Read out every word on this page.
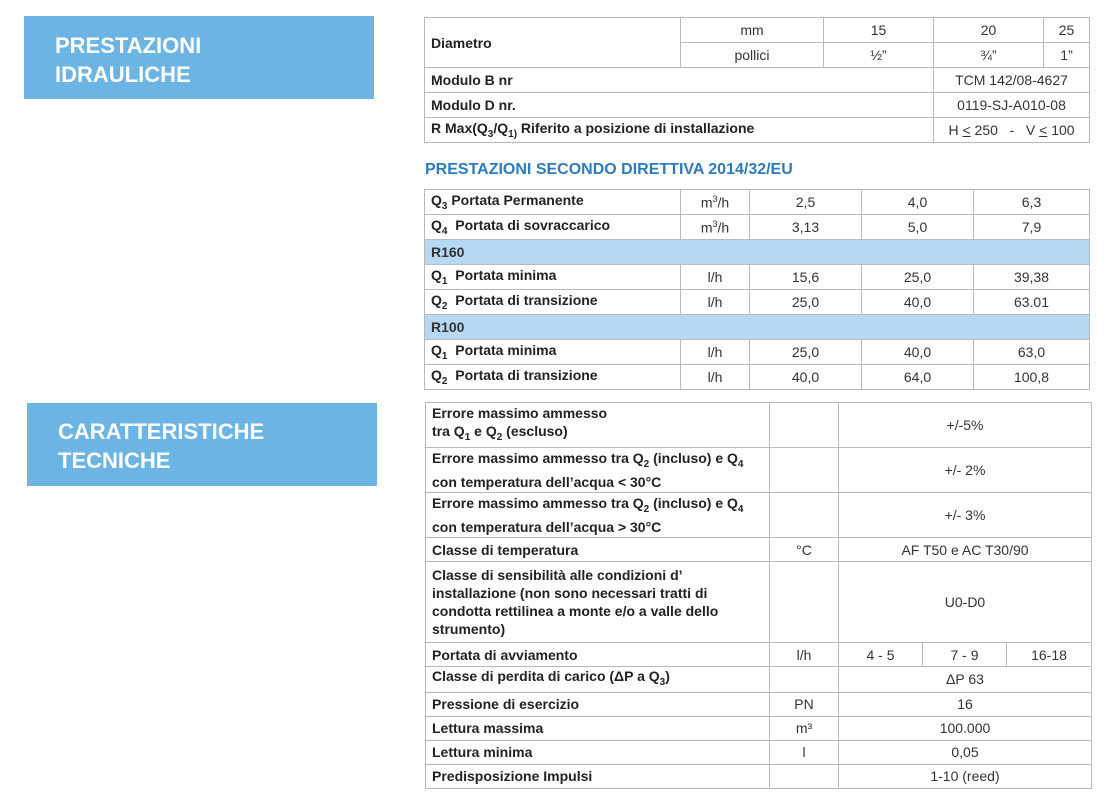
PRESTAZIONI
IDRAULICHE
CARATTERISTICHE
TECNICHE
Diametro	mm	15	20	25
	pollici	½”	¾”	1”
Modulo B nr			TCM 142/08-4627	
Modulo D nr.			0119-SJ-A010-08	
R $Max(Q_3/Q_{1)}$ Riferito a posizione di installazione			H < 250   -   V < 100	
PRESTAZIONI SECONDO DIRETTIVA 2014/32/EU
$Q_3$ Portata Permanente	$m^3/h$	2,5	4,0	6,3
$Q_4$  Portata di sovraccarico	$m^3/h$	3,13	5,0	7,9
R160				
$Q_1$  Portata minima	l/h	15,6	25,0	39,38
$Q_2$  Portata di transizione	l/h	25,0	40,0	63.01
R100				
$Q_1$  Portata minima	l/h	25,0	40,0	63,0
$Q_2$  Portata di transizione	l/h	40,0	64,0	100,8
Errore massimo ammesso
tra $Q_1$ e $Q_2$ (escluso)		+/-5%		
Errore massimo ammesso tra $Q_2$ (incluso) e $Q_4$
con temperatura dell’acqua < 30°C		+/- 2%		
Errore massimo ammesso tra $Q_2$ (incluso) e $Q_4$
con temperatura dell’acqua > 30°C		+/- 3%		
Classe di temperatura	°C	AF T50 e AC T30/90		
Classe di sensibilità alle condizioni d’ installazione (non sono necessari tratti di condotta rettilinea a monte e/o a valle dello strumento)		U0-D0		
Portata di avviamento	l/h	4 - 5	7 - 9	16-18
Classe di perdita di carico (ΔP a $Q_3$)		ΔP 63		
Pressione di esercizio	PN	16		
Lettura massima	m³	100.000		
Lettura minima	l	0,05		
Predisposizione Impulsi		1-10 (reed)		
